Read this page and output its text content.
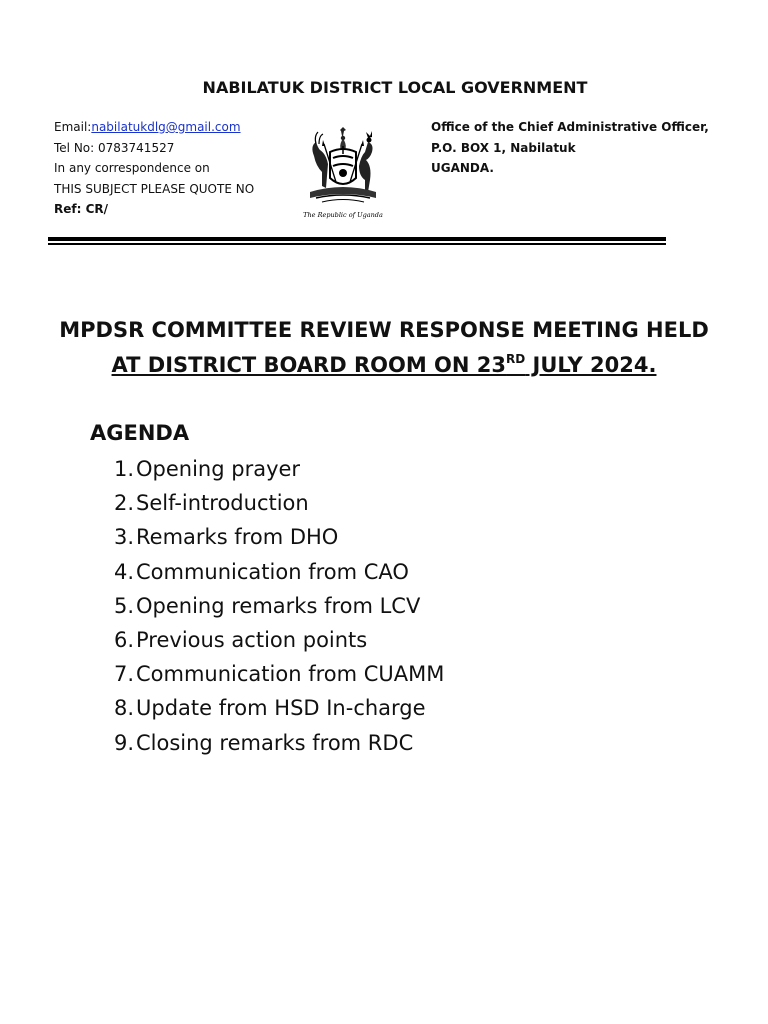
NABILATUK DISTRICT LOCAL GOVERNMENT
Email:nabilatukdlg@gmail.com
Tel No: 0783741527
In any correspondence on
THIS SUBJECT PLEASE QUOTE NO
Ref: CR/	The Republic of Uganda
Office of the Chief Administrative Officer,
P.O. BOX 1, Nabilatuk
UGANDA.
MPDSR COMMITTEE REVIEW RESPONSE MEETING HELD
AT DISTRICT BOARD ROOM ON 23RD JULY 2024.
AGENDA
1.Opening prayer
2.Self-introduction
3.Remarks from DHO
4.Communication from CAO
5.Opening remarks from LCV
6.Previous action points
7.Communication from CUAMM
8.Update from HSD In-charge
9.Closing remarks from RDC
